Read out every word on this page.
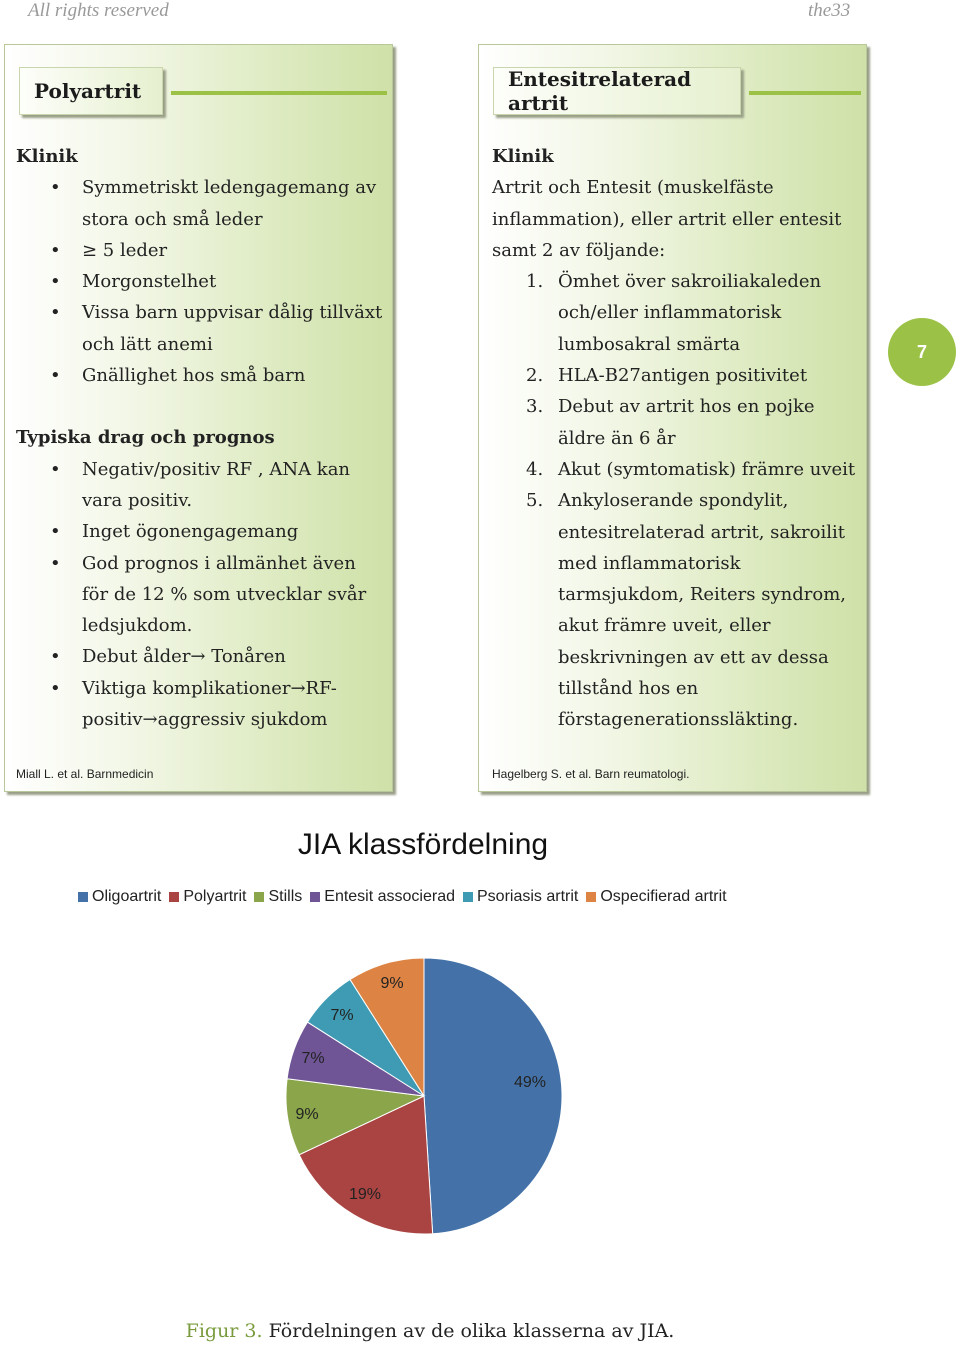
All rights reserved	the33
Polyartrit
Klinik
• Symmetriskt ledengagemang av stora och små leder
• ≥ 5 leder
• Morgonstelhet
• Vissa barn uppvisar dålig tillväxt och lätt anemi
• Gnällighet hos små barn
Typiska drag och prognos
• Negativ/positiv RF , ANA kan vara positiv.
• Inget ögonengagemang
• God prognos i allmänhet även för de 12 % som utvecklar svår ledsjukdom.
• Debut ålder→ Tonåren
• Viktiga komplikationer→RF-positiv→aggressiv sjukdom
Miall L. et al. Barnmedicin
Entesitrelaterad artrit
Klinik
Artrit och Entesit (muskelfäste inflammation), eller artrit eller entesit samt 2 av följande:
1. Ömhet över sakroiliakaleden och/eller inflammatorisk lumbosakral smärta
2. HLA-B27antigen positivitet
3. Debut av artrit hos en pojke äldre än 6 år
4. Akut (symtomatisk) främre uveit
5. Ankyloserande spondylit, entesitrelaterad artrit, sakroilit med inflammatorisk tarmsjukdom, Reiters syndrom, akut främre uveit, eller beskrivningen av ett av dessa tillstånd hos en förstagenerationssläkting.
Hagelberg S. et al. Barn reumatologi.
7
JIA klassfördelning
Oligoartrit Polyartrit Stills Entesit associerad Psoriasis artrit Ospecifierad artrit
49%
19%
9%
7%
7%
9%
Figur 3. Fördelningen av de olika klasserna av JIA.
